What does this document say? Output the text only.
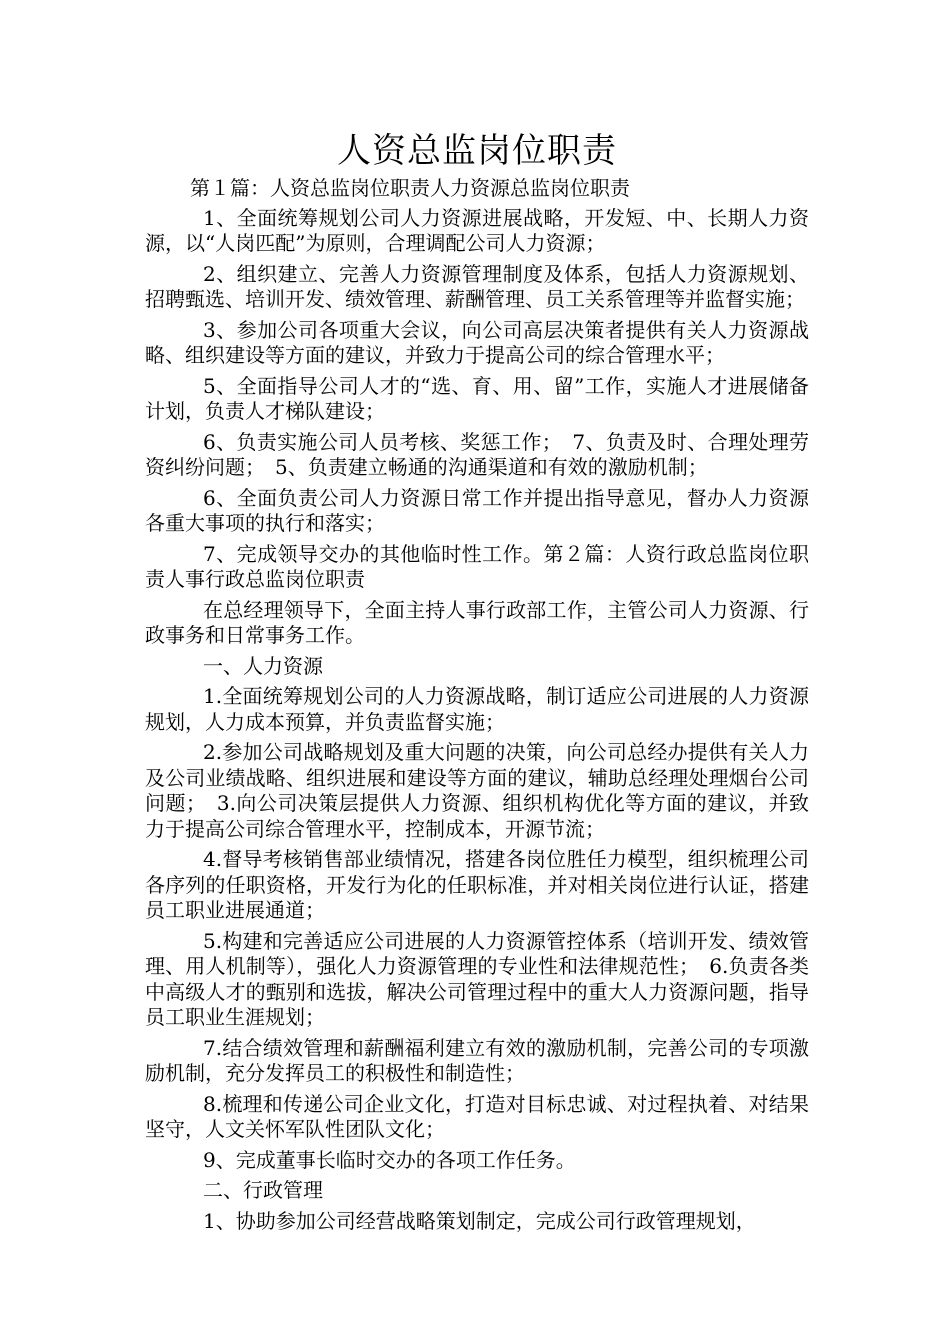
人资总监岗位职责

第１篇：人资总监岗位职责人力资源总监岗位职责

1、全面统筹规划公司人力资源进展战略，开发短、中、长期人力资源，以“人岗匹配”为原则，合理调配公司人力资源；

2、组织建立、完善人力资源管理制度及体系，包括人力资源规划、招聘甄选、培训开发、绩效管理、薪酬管理、员工关系管理等并监督实施；

3、参加公司各项重大会议，向公司高层决策者提供有关人力资源战略、组织建设等方面的建议，并致力于提高公司的综合管理水平；

5、全面指导公司人才的“选、育、用、留”工作，实施人才进展储备计划，负责人才梯队建设；

6、负责实施公司人员考核、奖惩工作；　7、负责及时、合理处理劳资纠纷问题；　5、负责建立畅通的沟通渠道和有效的激励机制；

6、全面负责公司人力资源日常工作并提出指导意见，督办人力资源各重大事项的执行和落实；

7、完成领导交办的其他临时性工作。第２篇：人资行政总监岗位职责人事行政总监岗位职责

在总经理领导下，全面主持人事行政部工作，主管公司人力资源、行政事务和日常事务工作。

一、人力资源

1.全面统筹规划公司的人力资源战略，制订适应公司进展的人力资源规划，人力成本预算，并负责监督实施；

2.参加公司战略规划及重大问题的决策，向公司总经办提供有关人力及公司业绩战略、组织进展和建设等方面的建议，辅助总经理处理烟台公司问题；　3.向公司决策层提供人力资源、组织机构优化等方面的建议，并致力于提高公司综合管理水平，控制成本，开源节流；

4.督导考核销售部业绩情况，搭建各岗位胜任力模型，组织梳理公司各序列的任职资格，开发行为化的任职标准，并对相关岗位进行认证，搭建员工职业进展通道；

5.构建和完善适应公司进展的人力资源管控体系（培训开发、绩效管理、用人机制等），强化人力资源管理的专业性和法律规范性；　6.负责各类中高级人才的甄别和选拔，解决公司管理过程中的重大人力资源问题，指导员工职业生涯规划；

7.结合绩效管理和薪酬福利建立有效的激励机制，完善公司的专项激励机制，充分发挥员工的积极性和制造性；

8.梳理和传递公司企业文化，打造对目标忠诚、对过程执着、对结果坚守，人文关怀军队性团队文化；

9、完成董事长临时交办的各项工作任务。

二、行政管理

1、协助参加公司经营战略策划制定，完成公司行政管理规划，
